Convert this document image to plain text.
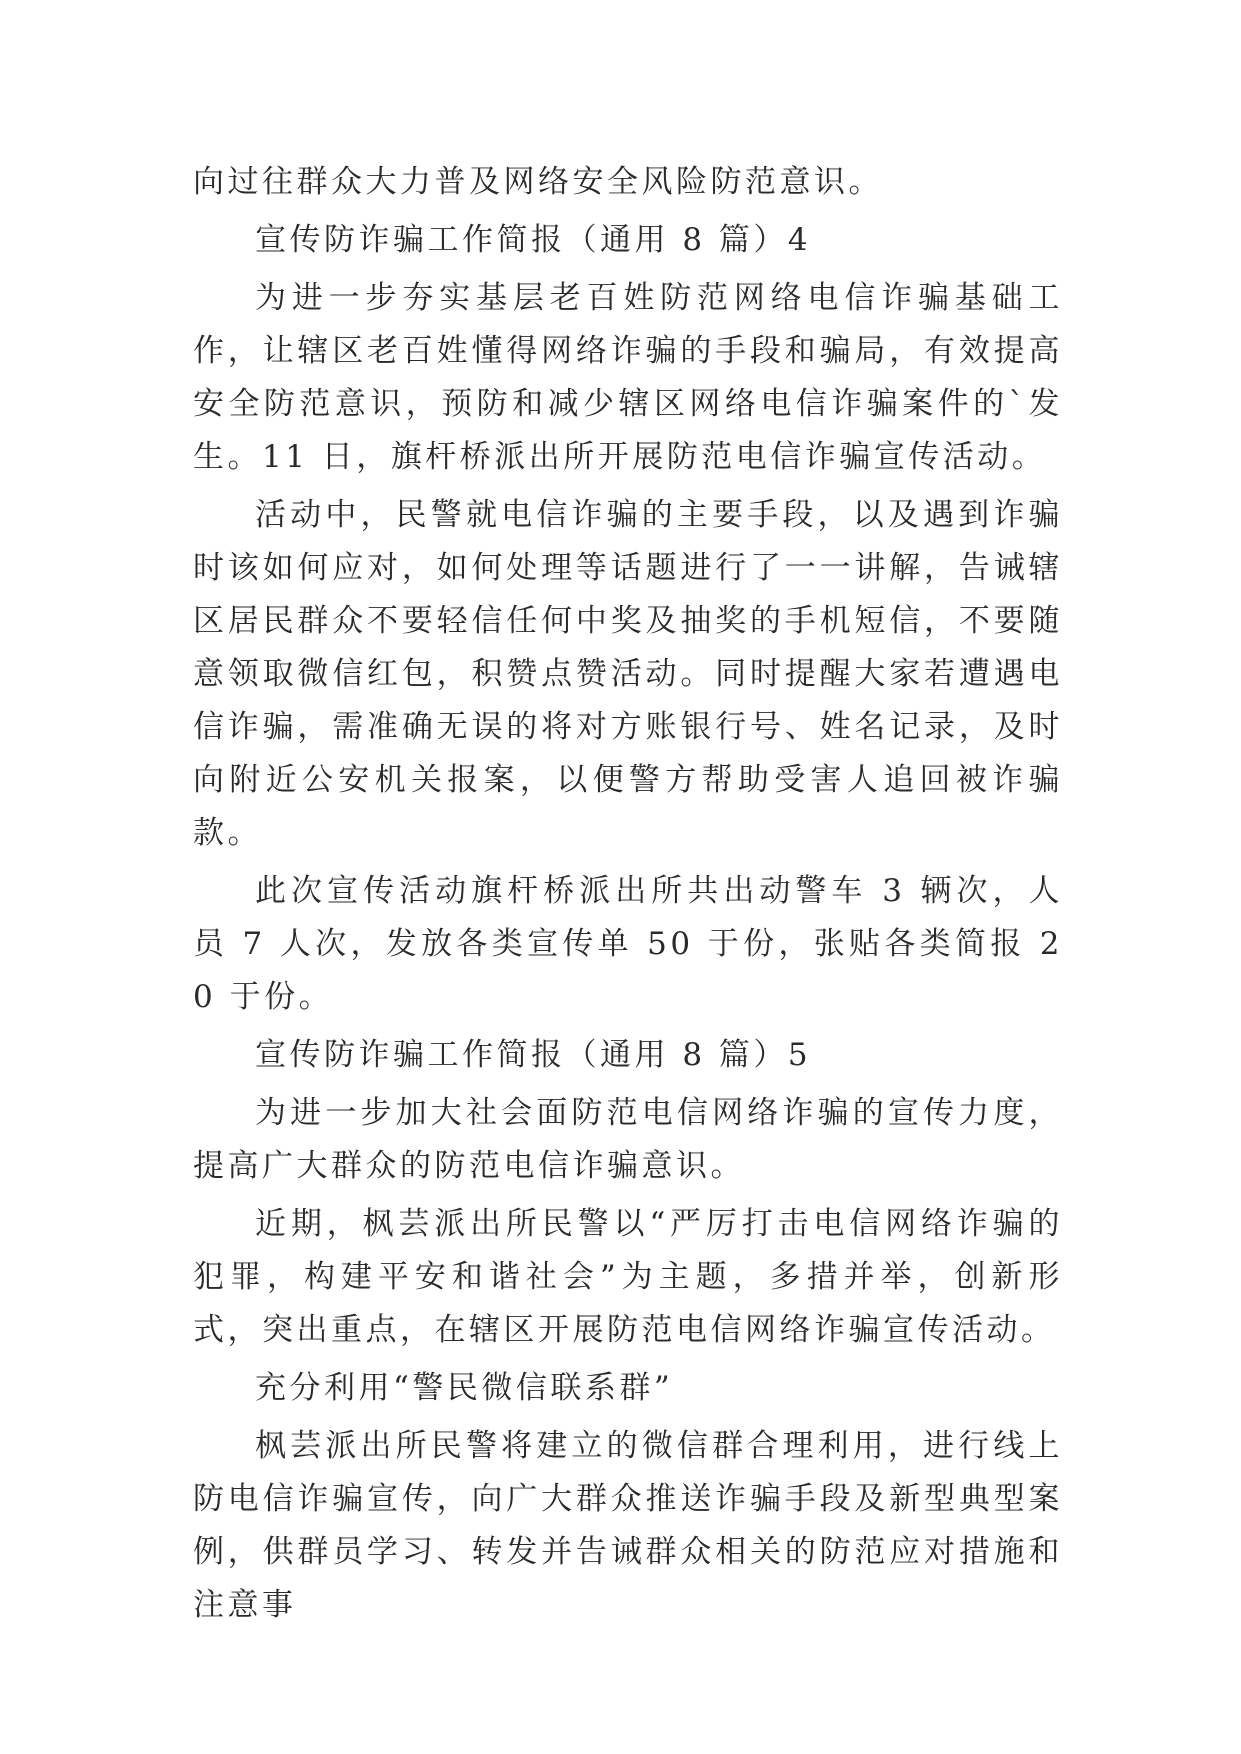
向过往群众大力普及网络安全风险防范意识。

宣传防诈骗工作简报（通用 8 篇）4

为进一步夯实基层老百姓防范网络电信诈骗基础工作，让辖区老百姓懂得网络诈骗的手段和骗局，有效提高安全防范意识，预防和减少辖区网络电信诈骗案件的`发生。11 日，旗杆桥派出所开展防范电信诈骗宣传活动。

活动中，民警就电信诈骗的主要手段，以及遇到诈骗时该如何应对，如何处理等话题进行了一一讲解，告诫辖区居民群众不要轻信任何中奖及抽奖的手机短信，不要随意领取微信红包，积赞点赞活动。同时提醒大家若遭遇电信诈骗，需准确无误的将对方账银行号、姓名记录，及时向附近公安机关报案，以便警方帮助受害人追回被诈骗款。

此次宣传活动旗杆桥派出所共出动警车 3 辆次，人员 7 人次，发放各类宣传单 50 于份，张贴各类简报 20 于份。

宣传防诈骗工作简报（通用 8 篇）5

为进一步加大社会面防范电信网络诈骗的宣传力度，提高广大群众的防范电信诈骗意识。

近期，枫芸派出所民警以“严厉打击电信网络诈骗的犯罪，构建平安和谐社会”为主题，多措并举，创新形式，突出重点，在辖区开展防范电信网络诈骗宣传活动。

充分利用“警民微信联系群”

枫芸派出所民警将建立的微信群合理利用，进行线上防电信诈骗宣传，向广大群众推送诈骗手段及新型典型案例，供群员学习、转发并告诫群众相关的防范应对措施和注意事
